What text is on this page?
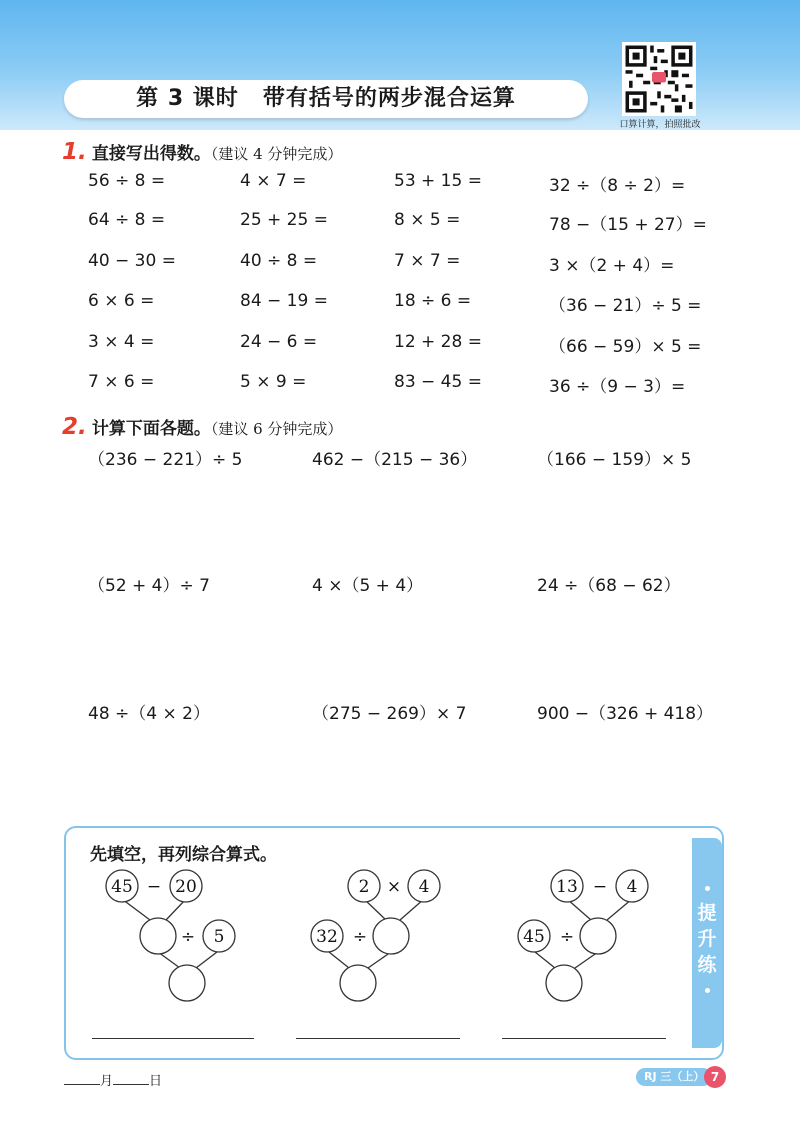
第 3 课时 带有括号的两步混合运算
口算计算，拍照批改
1. 直接写出得数。（建议 4 分钟完成）
56 ÷ 8 =	4 × 7 =	53 + 15 =	32 ÷（8 ÷ 2）=
64 ÷ 8 =	25 + 25 =	8 × 5 =	78 −（15 + 27）=
40 − 30 =	40 ÷ 8 =	7 × 7 =	3 ×（2 + 4）=
6 × 6 =	84 − 19 =	18 ÷ 6 =	（36 − 21）÷ 5 =
3 × 4 =	24 − 6 =	12 + 28 =	（66 − 59）× 5 =
7 × 6 =	5 × 9 =	83 − 45 =	36 ÷（9 − 3）=
2. 计算下面各题。（建议 6 分钟完成）
（236 − 221）÷ 5	462 −（215 − 36）	（166 − 159）× 5
（52 + 4）÷ 7	4 ×（5 + 4）	24 ÷（68 − 62）
48 ÷（4 × 2）	（275 − 269）× 7	900 −（326 + 418）
提
升
练
先填空，再列综合算式。
45 − 20
÷ 5
2 × 4
÷
32
13 − 4
÷
45
月	日	RJ 三（上） 7
